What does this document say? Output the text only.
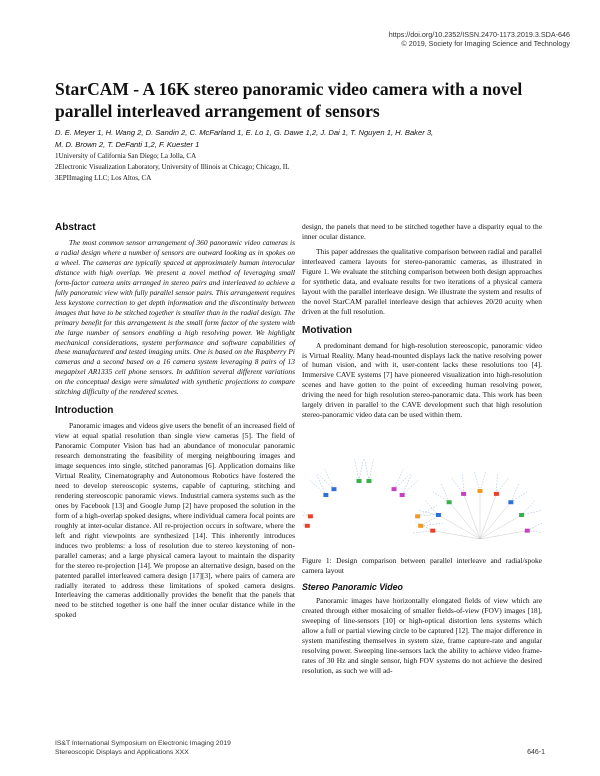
https://doi.org/10.2352/ISSN.2470-1173.2019.3.SDA-646
© 2019, Society for Imaging Science and Technology
StarCAM - A 16K stereo panoramic video camera with a novel parallel interleaved arrangement of sensors
D. E. Meyer 1, H. Wang 2, D. Sandin 2, C. McFarland 1, E. Lo 1, G. Dawe 1,2, J. Dai 1, T. Nguyen 1, H. Baker 3,
M. D. Brown 2, T. DeFanti 1,2, F. Kuester 1
1University of California San Diego; La Jolla, CA
2Electronic Visualization Laboratory, University of Illinois at Chicago; Chicago, IL
3EPIImaging LLC; Los Altos, CA
Abstract

The most common sensor arrangement of 360 panoramic video cameras is a radial design where a number of sensors are outward looking as in spokes on a wheel. The cameras are typically spaced at approximately human interocular distance with high overlap. We present a novel method of leveraging small form-factor camera units arranged in stereo pairs and interleaved to achieve a fully panoramic view with fully parallel sensor pairs. This arrangement requires less keystone correction to get depth information and the discontinuity between images that have to be stitched together is smaller than in the radial design. The primary benefit for this arrangement is the small form factor of the system with the large number of sensors enabling a high resolving power. We highlight mechanical considerations, system performance and software capabilities of these manufactured and tested imaging units. One is based on the Raspberry Pi cameras and a second based on a 16 camera system leveraging 8 pairs of 13 megapixel AR1335 cell phone sensors. In addition several different variations on the conceptual design were simulated with synthetic projections to compare stitching difficulty of the rendered scenes.

Introduction

Panoramic images and videos give users the benefit of an increased field of view at equal spatial resolution than single view cameras [5]. The field of Panoramic Computer Vision has had an abundance of monocular panoramic research demonstrating the feasibility of merging neighbouring images and image sequences into single, stitched panoramas [6]. Application domains like Virtual Reality, Cinematography and Autonomous Robotics have fostered the need to develop stereoscopic systems, capable of capturing, stitching and rendering stereoscopic panoramic views. Industrial camera systems such as the ones by Facebook [13] and Google Jump [2] have proposed the solution in the form of a high-overlap spoked designs, where individual camera focal points are roughly at inter-ocular distance. All re-projection occurs in software, where the left and right viewpoints are synthesized [14]. This inherently introduces induces two problems: a loss of resolution due to stereo keystoning of non-parallel cameras; and a large physical camera layout to maintain the disparity for the stereo re-projection [14]. We propose an alternative design, based on the patented parallel interleaved camera design [17][3], where pairs of camera are radially iterated to address these limitations of spoked camera designs. Interleaving the cameras additionally provides the benefit that the panels that need to be stitched together is one half the inner ocular distance while in the spoked

design, the panels that need to be stitched together have a disparity equal to the inner ocular distance.

This paper addresses the qualitative comparison between radial and parallel interleaved camera layouts for stereo-panoramic cameras, as illustrated in Figure 1. We evaluate the stitching comparison between both design approaches for synthetic data, and evaluate results for two iterations of a physical camera layout with the parallel interleave design. We illustrate the system and results of the novel StarCAM parallel interleave design that achieves 20/20 acuity when driven at the full resolution.

Motivation

A predominant demand for high-resolution stereoscopic, panoramic video is Virtual Reality. Many head-mounted displays lack the native resolving power of human vision, and with it, user-content lacks these resolutions too [4]. Immersive CAVE systems [7] have pioneered visualization into high-resolution scenes and have gotten to the point of exceeding human resolving power, driving the need for high resolution stereo-panoramic data. This work has been largely driven in parallel to the CAVE development such that high resolution stereo-panoramic video data can be used within them.

Figure 1: Design comparison between parallel interleave and radial/spoke camera layout

Stereo Panoramic Video

Panoramic images have horizontally elongated fields of view which are created through either mosaicing of smaller fields-of-view (FOV) images [18], sweeping of line-sensors [10] or high-optical distortion lens systems which allow a full or partial viewing circle to be captured [12]. The major difference in system manifesting themselves in system size, frame capture-rate and angular resolving power. Sweeping line-sensors lack the ability to achieve video frame-rates of 30 Hz and single sensor, high FOV systems do not achieve the desired resolution, as such we will ad-

IS&T International Symposium on Electronic Imaging 2019
Stereoscopic Displays and Applications XXX	646-1
